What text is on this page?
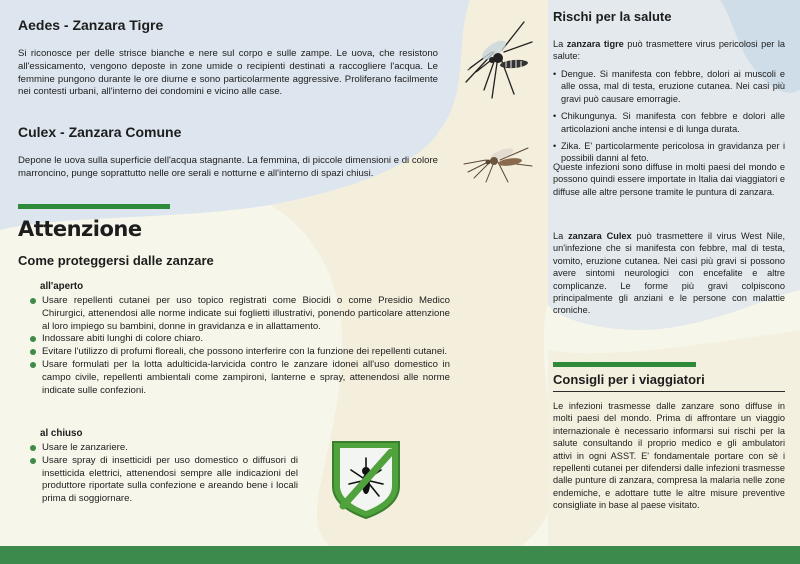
Aedes - Zanzara Tigre

Si riconosce per delle strisce bianche e nere sul corpo e sulle zampe. Le uova, che resistono all'essicamento, vengono deposte in zone umide o recipienti destinati a raccogliere l'acqua. Le femmine pungono durante le ore diurne e sono particolarmente aggressive. Proliferano facilmente nei contesti urbani, all'interno dei condomini e vicino alle case.

Culex - Zanzara Comune

Depone le uova sulla superficie dell'acqua stagnante. La femmina, di piccole dimensioni e di colore marroncino, punge soprattutto nelle ore serali e notturne e all'interno di spazi chiusi.

Attenzione
Come proteggersi dalle zanzare
all'aperto
Usare repellenti cutanei per uso topico registrati come Biocidi o come Presidio Medico Chirurgici, attenendosi alle norme indicate sui foglietti illustrativi, ponendo particolare attenzione al loro impiego su bambini, donne in gravidanza e in allattamento.
Indossare abiti lunghi di colore chiaro.
Evitare l'utilizzo di profumi floreali, che possono interferire con la funzione dei repellenti cutanei.
Usare formulati per la lotta adulticida-larvicida contro le zanzare idonei all'uso domestico in campo civile, repellenti ambientali come zampironi, lanterne e spray, attenendosi alle norme indicate sulle confezioni.
al chiuso
Usare le zanzariere.
Usare spray di insetticidi per uso domestico o diffusori di insetticida elettrici, attenendosi sempre alle indicazioni del produttore riportate sulla confezione e areando bene i locali prima di soggiornare.
Rischi per la salute

La zanzara tigre può trasmettere virus pericolosi per la salute:

• Dengue. Si manifesta con febbre, dolori ai muscoli e alle ossa, mal di testa, eruzione cutanea. Nei casi più gravi può causare emorragie.
• Chikungunya. Si manifesta con febbre e dolori alle articolazioni anche intensi e di lunga durata.
• Zika. E' particolarmente pericolosa in gravidanza per i possibili danni al feto.

Queste infezioni sono diffuse in molti paesi del mondo e possono quindi essere importate in Italia dai viaggiatori e diffuse alle altre persone tramite le puntura di zanzara.

La zanzara Culex può trasmettere il virus West Nile, un'infezione che si manifesta con febbre, mal di testa, vomito, eruzione cutanea. Nei casi più gravi si possono avere sintomi neurologici con encefalite e altre complicanze. Le forme più gravi colpiscono principalmente gli anziani e le persone con malattie croniche.

Consigli per i viaggiatori

Le infezioni trasmesse dalle zanzare sono diffuse in molti paesi del mondo. Prima di affrontare un viaggio internazionale è necessario informarsi sui rischi per la salute consultando il proprio medico e gli ambulatori attivi in ogni ASST. E' fondamentale portare con sè i repellenti cutanei per difendersi dalle infezioni trasmesse dalle punture di zanzara, compresa la malaria nelle zone endemiche, e adottare tutte le altre misure preventive consigliate in base al paese visitato.
